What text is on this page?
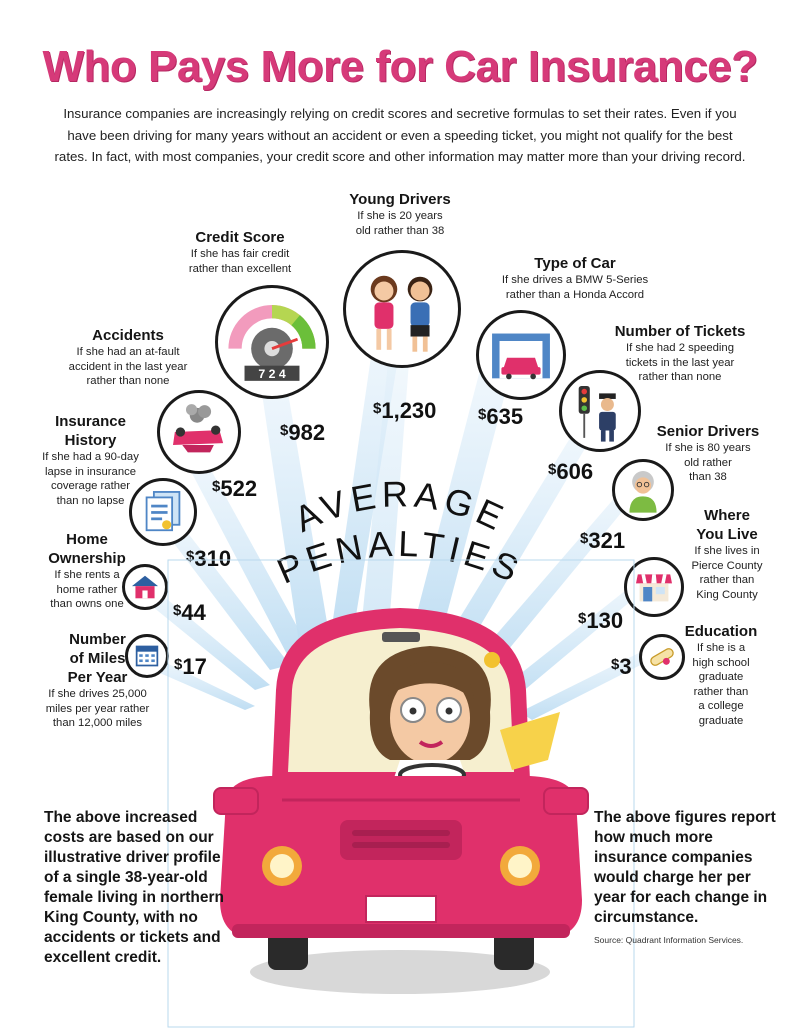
Who Pays More for Car Insurance?
Insurance companies are increasingly relying on credit scores and secretive formulas to set their rates. Even if you have been driving for many years without an accident or even a speeding ticket, you might not qualify for the best rates. In fact, with most companies, your credit score and other information may matter more than your driving record.
AVERAGE
PENALTIES
Young Drivers
If she is 20 years
old rather than 38
$1,230
Credit Score
If she has fair credit
rather than excellent
7 2 4
$982
Type of Car
If she drives a BMW 5-Series
rather than a Honda Accord
$635
Accidents
If she had an at-fault
accident in the last year
rather than none
$522
Number of Tickets
If she had 2 speeding
tickets in the last year
rather than none
$606
Insurance
History
If she had a 90-day
lapse in insurance
coverage rather
than no lapse
$310
Senior Drivers
If she is 80 years
old rather
than 38
$321
Home
Ownership
If she rents a
home rather
than owns one	$44
Where
You Live
If she lives in
Pierce County
rather than
King County
$130
Number
of Miles
Per Year
If she drives 25,000
miles per year rather
than 12,000 miles
$17
Education
If she is a
high school
graduate
rather than
a college
graduate
$3
The above increased
costs are based on our
illustrative driver profile
of a single 38-year-old
female living in northern
King County, with no
accidents or tickets and
excellent credit.
The above figures report
how much more
insurance companies
would charge her per
year for each change in
circumstance.
Source: Quadrant Information Services.
